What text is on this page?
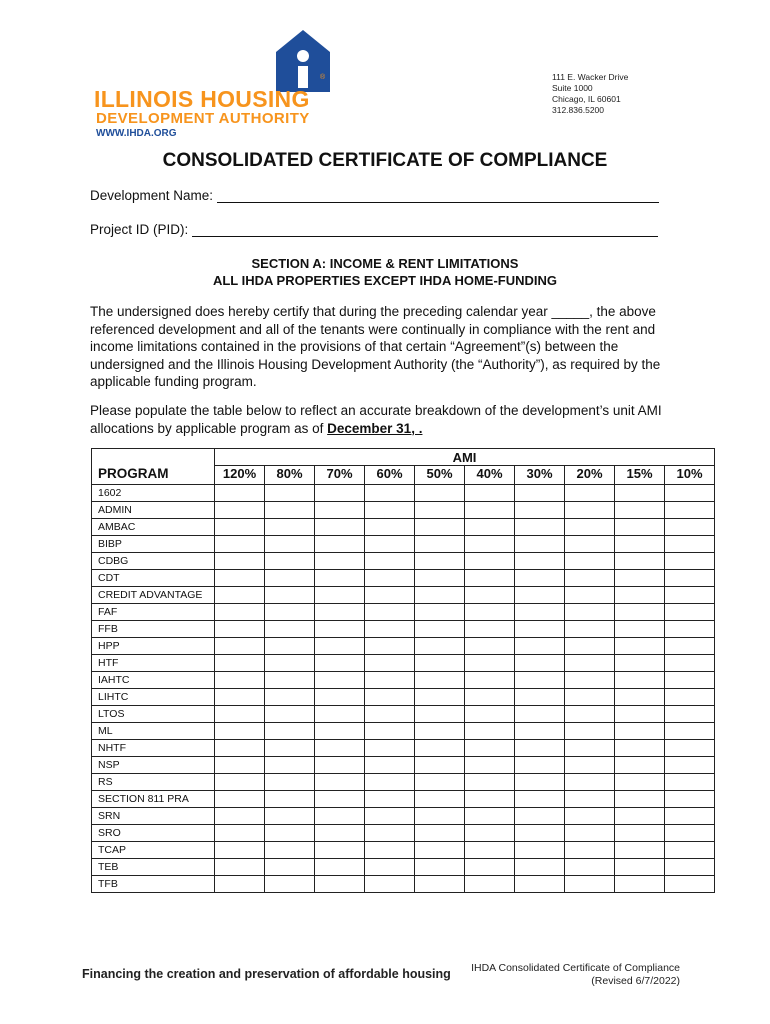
®
ILLINOIS HOUSING
DEVELOPMENT AUTHORITY
WWW.IHDA.ORG
111 E. Wacker Drive
Suite 1000
Chicago, IL 60601
312.836.5200
CONSOLIDATED CERTIFICATE OF COMPLIANCE
Development Name:
Project ID (PID):
SECTION A: INCOME & RENT LIMITATIONS
ALL IHDA PROPERTIES EXCEPT IHDA HOME-FUNDING
The undersigned does hereby certify that during the preceding calendar year _____, the above referenced development and all of the tenants were continually in compliance with the rent and income limitations contained in the provisions of that certain “Agreement”(s) between the undersigned and the Illinois Housing Development Authority (the “Authority”), as required by the applicable funding program.
Please populate the table below to reflect an accurate breakdown of the development’s unit AMI allocations by applicable program as of December 31, .
	AMI									
PROGRAM	120%	80%	70%	60%	50%	40%	30%	20%	15%	10%
1602										
ADMIN										
AMBAC										
BIBP										
CDBG										
CDT										
CREDIT ADVANTAGE										
FAF										
FFB										
HPP										
HTF										
IAHTC										
LIHTC										
LTOS										
ML										
NHTF										
NSP										
RS										
SECTION 811 PRA										
SRN										
SRO										
TCAP										
TEB										
TFB										
Financing the creation and preservation of affordable housing IHDA Consolidated Certificate of Compliance
(Revised 6/7/2022)
